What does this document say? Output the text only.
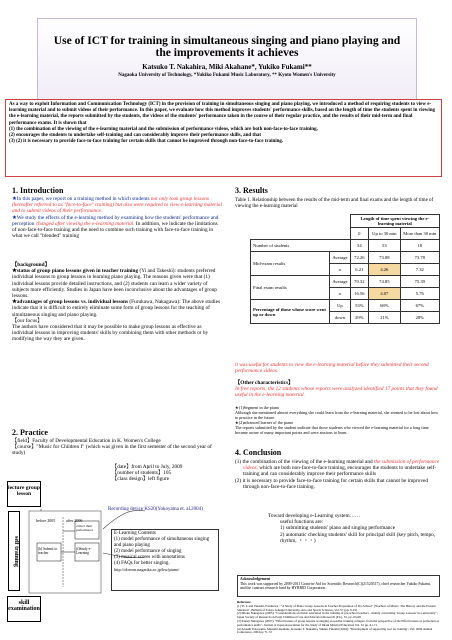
Use of ICT for training in simultaneous singing and piano playing and the improvements it achieves
Katsuko T. Nakahira, Miki Akahane*, Yukiko Fukami**
Nagaoka University of Technology, *Yukiko Fukami Music Laboratory, ** Kyoto Women's University
As a way to exploit Information and Communication Technology (ICT) in the provision of training in simultaneous singing and piano playing, we introduced a method of requiring students to view e-learning material and to submit videos of their performance. In this paper, we evaluate how this method improves students' performance skills, based on the length of time the students spent in viewing the e-learning material, the reports submitted by the students, the videos of the students' performance taken in the course of their regular practice, and the results of their mid-term and final performance exams. It is shown that
(1) the combination of the viewing of the e-learning material and the submission of performance videos, which are both non-face-to-face training,
(2) encourages the students to undertake self-training and can considerably improve their performance skills, and that
(3) (2) it is necessary to provide face-to-face training for certain skills that cannot be improved through non-face-to-face training.
1. Introduction
★In this paper, we report on a training method in which students not only took group lessons (hereafter referred to as "face-to-face" training) but also were required to view e-learning material and to submit videos of their performance.
★We study the effects of the e-learning method by examining how the students' performance and perception changed after viewing the e-learning material. In addition, we indicate the limitations of non-face-to-face training and the need to combine such training with face-to-face training in what we call "blended" training
【background】
★status of group piano lessons given in teacher training (Yi and Takeshi): students preferred individual lessons to group lessons in learning piano playing. The reasons given were that (1) individual lessons provide detailed instructions, and (2) students can learn a wider variety of subjects more efficiently. Studies in Japan have been inconclusive about the advantages of group lessons.
★advantages of group lessons vs. individual lessons (Furukawa, Nakagawa): The above studies indicate that it is difficult to entirely eliminate some form of group lessons for the teaching of simultaneous singing and piano playing.
【our focus】
The authors have considered that it may be possible to make group lessons as effective as individual lessons in improving students' skills by combining them with other methods or by modifying the way they are given.
2. Practice
【field】Faculty of Developmental Education in K. Women's College
【course】"Music for Children I" (which was given in the first semester of the second year of study)
【date】from April to July, 2009
【number of students】105
【class design】left figure
lecture group lesson
self training
skill examination
before 2005	after 2006
collect their performance
(b) Submit to teacher
(i)Study e-Learning
Recording device KS20(Yokoyama et. al.2004)
E-Learning Contents
(1) model performance of simultaneous singing and piano playing
(2) model performance of singing
(3) musical scores with annotations
(4) FAQs for better singing.
http://oberon.nagaoka.ac.jp/kw/piano/
3. Results
Table 1. Relationship between the results of the mid-term and final exams and the length of time of viewing the e-learning material
		Length of time spent viewing the e-learning material		
		0	Up to 30 min	More than 30 min
Number of students		34	53	18
Mid-exam results	Average	72.26	73.08	73.78
	σ	6.21	4.26	7.32
Final exam results	Average	70.32	74.85	75.39
	σ	16.56	4.07	5.76
Percentage of those whose score went up or down	Up	53%	68%	67%
	down	29%	21%	28%
it was useful for students to view the e-learning material before they submitted their second performance videos.
【Other characteristics】
In free reports, the 12 students whose reports were analyzed identified 17 points that they found useful in the e-learning material.
★(1)Segment in the piano
Although she mentioned almost everything she could learn from the e-learning material, she seemed to be lost about how to practice in the future.
★(2)advanced learner of the piano
The reports submitted by the student indicate that those students who viewed the e-learning material for a long time became aware of many important points and were anxious to learn.
4. Conclusion
(1) the combination of the viewing of the e-learning material and the submission of performance videos, which are both non-face-to-face training, encourages the students to undertake self-training and can considerably improve their performance skills
(2) it is necessary to provide face-to-face training for certain skills that cannot be improved through non-face-to-face training.
Toward developing e-Learning system……
useful functions are:
1) submitting students' piano and singing performance
2) automatic checking students' skill for principal skill (key pitch, tempo, rhythm, ・・・)
Acknowledgement
This work was supported by 2009-2011 Grant-in-Aid for Scientific Research(C)(21520517), chief researcher Yukiko Fukami, and the contract research fund by HYBRID Corporation.
Reference
[1] Yi, L and Takeshi, Furukawa : "A Study of Piano Group Lessons in Teacher Preparation of Pre-School" (Teachers of Music: The History and the Present Situation", Bulletin of Tokyo Gakugei University, Arts and Sports Sciences, Vol. 57 (pp. 9-19)
[2] Mioko Nakagawa (2005): "Considerations on music education in the training of pre-school teachers - mainly concerning 'Group Lessons' in a university", Japan Society of Research on Early Childhood Care and Education Research (Ed.), 52, pp. 63-68
[3] Kusaji Nakagawa (2007): "Effectiveness of group lessons as singing-to-teacher training colleges: from the perspective of the Effectiveness as perfection as performance skills", Journal of Japan Association for the Study of Infant Musical Education Vol. 61 pp. 61-71
[4] Atsushi Yokoyama, Masashi Akahane, Katsuko T. Nakahira, Yukiko Fukami (2004): "Development of supporting tool for training", JSC 2004 Annual Conference, 2004 pp 71-72
